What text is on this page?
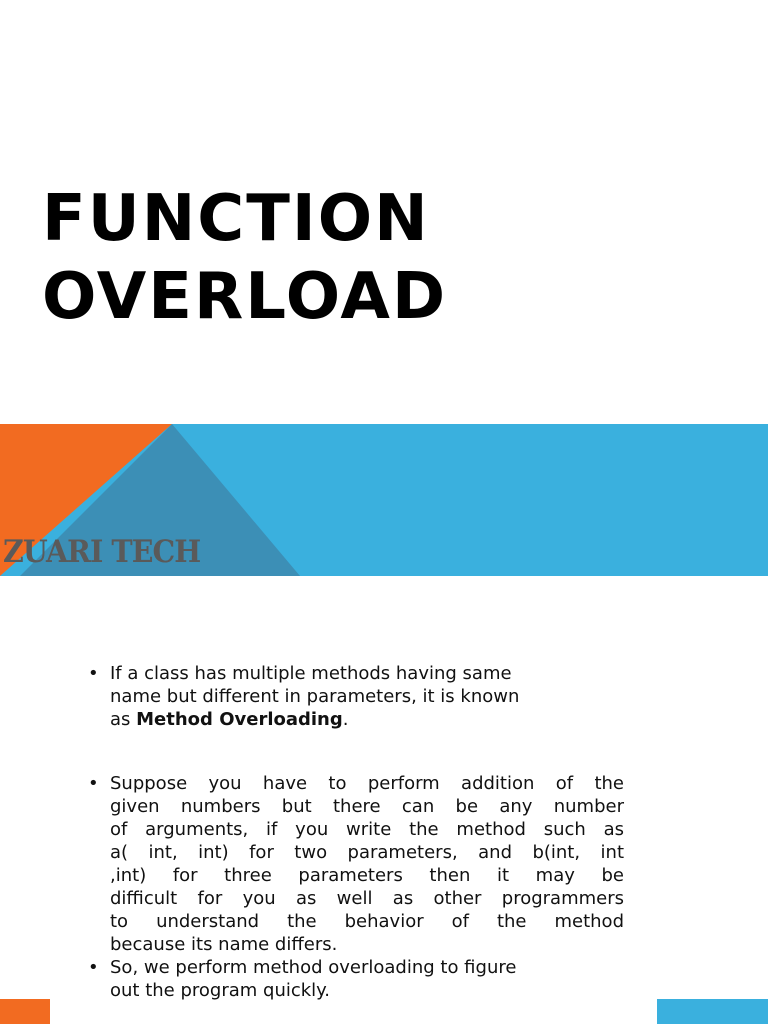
FUNCTION
OVERLOAD
ZUARI TECH
• If a class has multiple methods having same
name but different in parameters, it is known
as Method Overloading.
• Suppose you have to perform addition of the
given numbers but there can be any number
of arguments, if you write the method such as
a( int, int) for two parameters, and b(int, int
,int) for three parameters then it may be
difficult for you as well as other programmers
to understand the behavior of the method
because its name differs.
• So, we perform method overloading to figure
out the program quickly.
